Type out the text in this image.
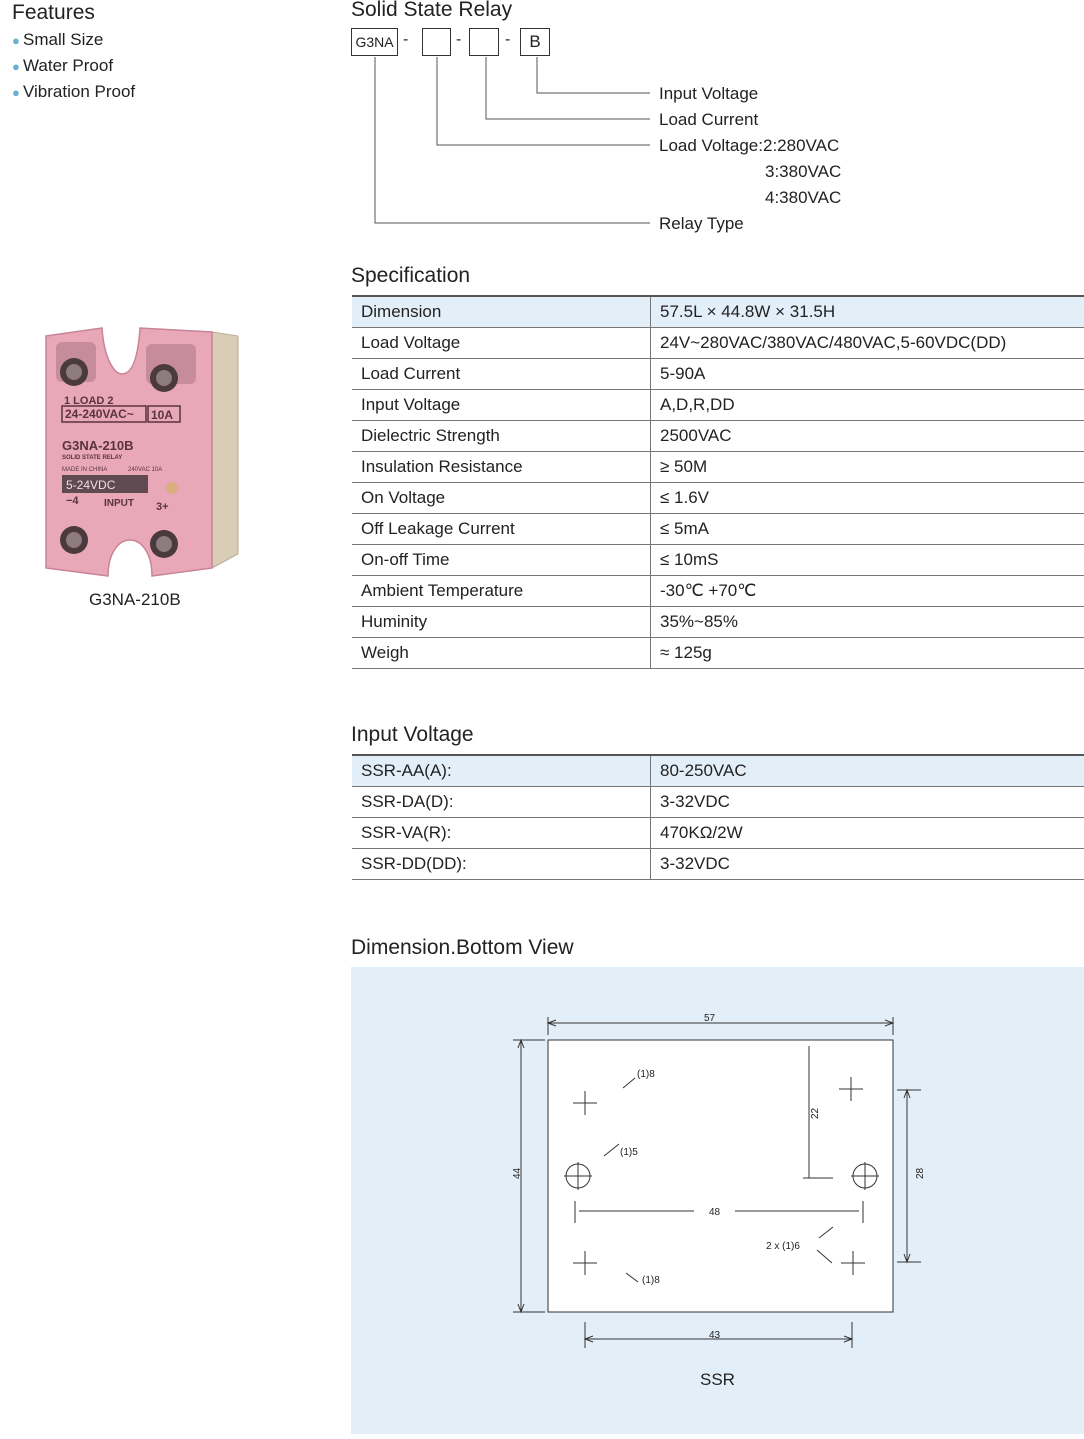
Features
● Small Size
● Water Proof
● Vibration Proof
1 LOAD 2
24-240VAC~ 10A
G3NA-210B
SOLID STATE RELAY
MADE IN CHINA	240VAC 10A
5-24VDC
−4	INPUT 3+
G3NA-210B
Solid State Relay
G3NA -	-	-	B
Input Voltage
Load Current
Load Voltage:2:280VAC
3:380VAC
4:380VAC
Relay Type
Specification
Dimension	57.5L × 44.8W × 31.5H
Load Voltage	24V~280VAC/380VAC/480VAC,5-60VDC(DD)
Load Current	5-90A
Input Voltage	A,D,R,DD
Dielectric Strength	2500VAC
Insulation Resistance	≥ 50M
On Voltage	≤ 1.6V
Off Leakage Current	≤ 5mA
On-off Time	≤ 10mS
Ambient Temperature	-30℃ +70℃
Huminity	35%~85%
Weigh	≈ 125g
Input Voltage
SSR-AA(A):	80-250VAC
SSR-DA(D):	3-32VDC
SSR-VA(R):	470KΩ/2W
SSR-DD(DD):	3-32VDC
Dimension.Bottom View
57
44	28
22
48
43
(1)8
(1)5
(1)8
2 x (1)6
SSR
